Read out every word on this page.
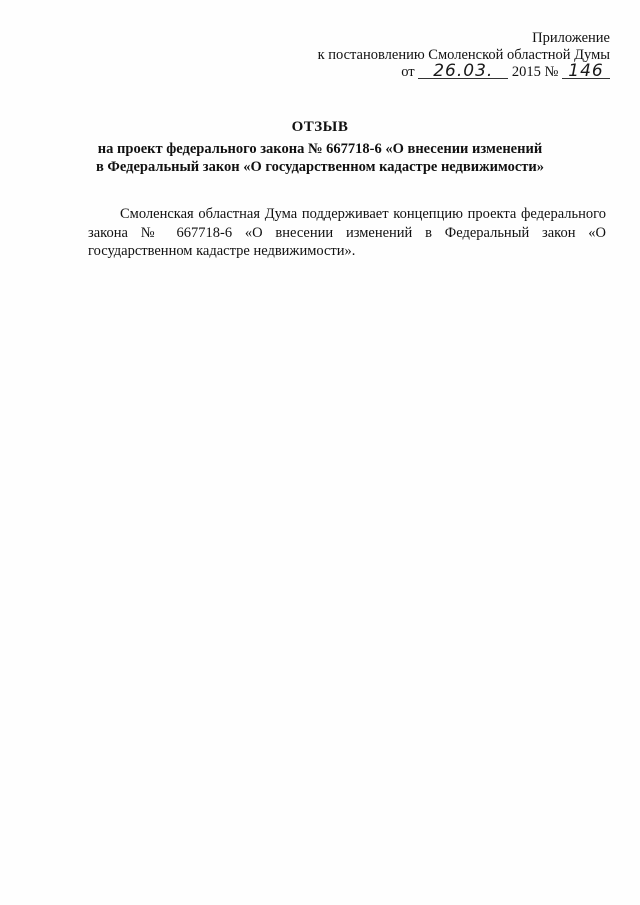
Приложение
к постановлению Смоленской областной Думы
от 26.03. 2015 № 146
ОТЗЫВ
на проект федерального закона № 667718-6 «О внесении изменений
в Федеральный закон «О государственном кадастре недвижимости»
Смоленская областная Дума поддерживает концепцию проекта федерального закона № 667718-6 «О внесении изменений в Федеральный закон «О государственном кадастре недвижимости».
